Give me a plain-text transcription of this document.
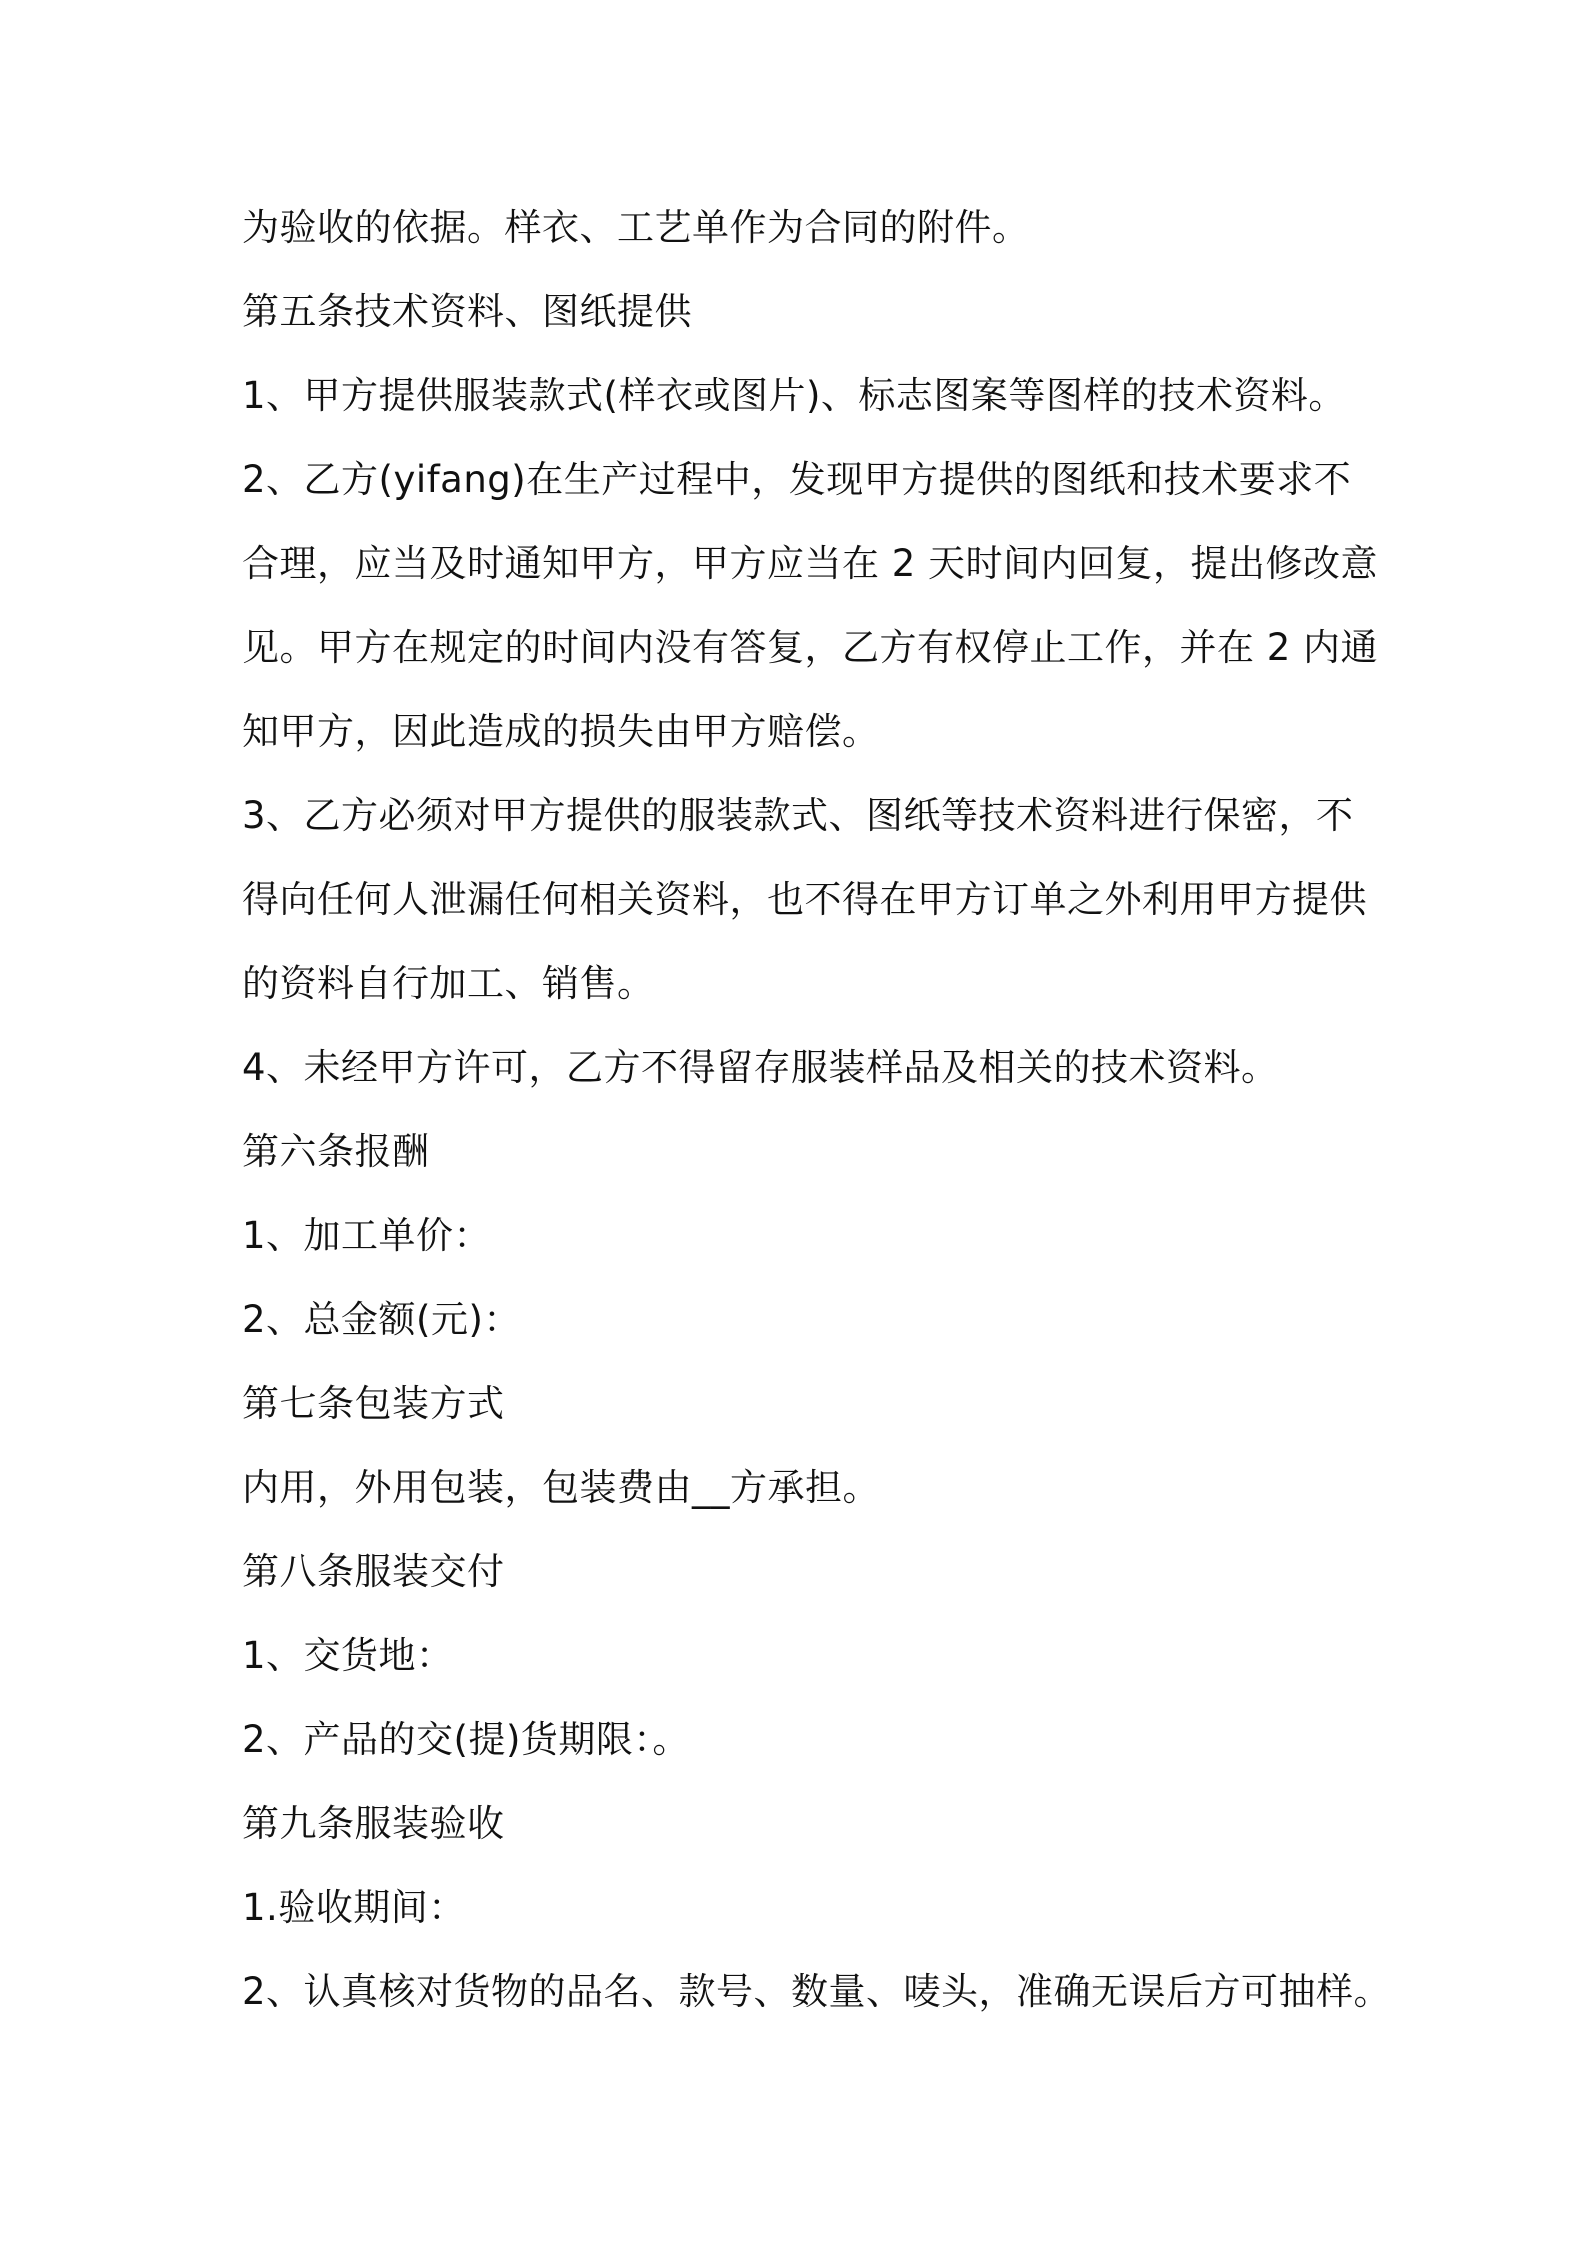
为验收的依据。样衣、工艺单作为合同的附件。

第五条技术资料、图纸提供

1、甲方提供服装款式(样衣或图片)、标志图案等图样的技术资料。

2、乙方(yifang)在生产过程中，发现甲方提供的图纸和技术要求不

合理，应当及时通知甲方，甲方应当在 2 天时间内回复，提出修改意

见。甲方在规定的时间内没有答复，乙方有权停止工作，并在 2 内通

知甲方，因此造成的损失由甲方赔偿。

3、乙方必须对甲方提供的服装款式、图纸等技术资料进行保密，不

得向任何人泄漏任何相关资料，也不得在甲方订单之外利用甲方提供

的资料自行加工、销售。

4、未经甲方许可，乙方不得留存服装样品及相关的技术资料。

第六条报酬

1、加工单价：

2、总金额(元)：

第七条包装方式

内用，外用包装，包装费由__方承担。

第八条服装交付

1、交货地：

2、产品的交(提)货期限：。

第九条服装验收

1.验收期间：

2、认真核对货物的品名、款号、数量、唛头，准确无误后方可抽样。
